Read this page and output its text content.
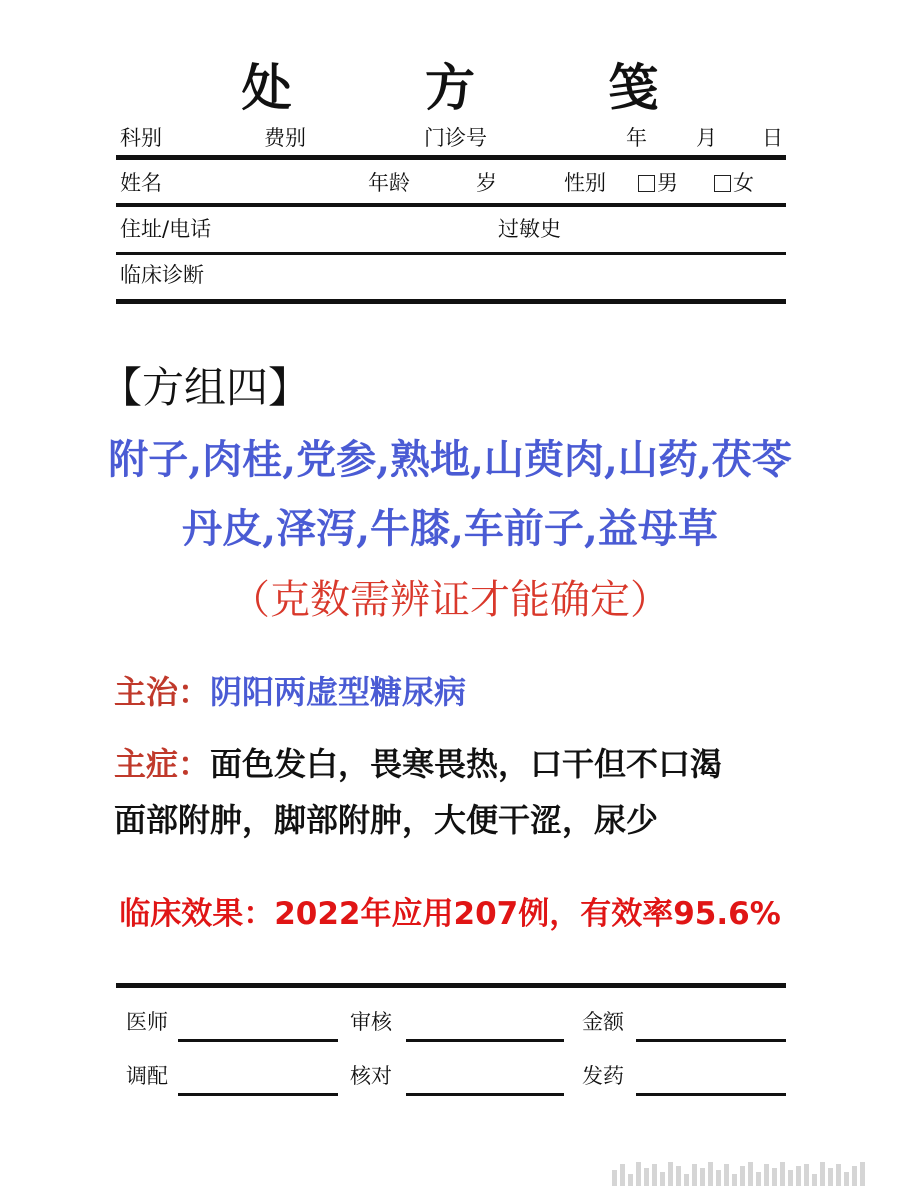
处 方 笺
科别	费别	门诊号	年 月 日
姓名	年龄	岁	性别	男	女
住址/电话	过敏史
临床诊断
【方组四】
附子,肉桂,党参,熟地,山萸肉,山药,茯苓
丹皮,泽泻,牛膝,车前子,益母草
（克数需辨证才能确定）
主治：阴阳两虚型糖尿病
主症：面色发白，畏寒畏热，口干但不口渴
面部附肿，脚部附肿，大便干涩，尿少
临床效果：2022年应用207例，有效率95.6%
医师	审核	金额
调配	核对	发药
